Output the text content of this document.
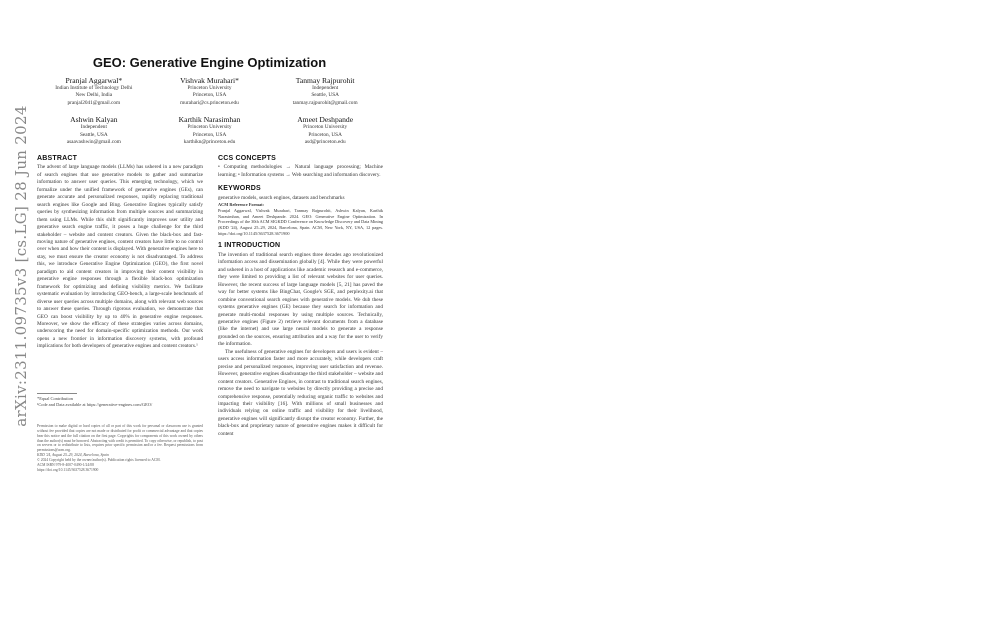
arXiv:2311.09735v3 [cs.LG] 28 Jun 2024
GEO: Generative Engine Optimization
Pranjal Aggarwal*
Indian Institute of Technology Delhi
New Delhi, India
pranjal2041@gmail.com
Vishvak Murahari*
Princeton University
Princeton, USA
murahari@cs.princeton.edu
Tanmay Rajpurohit
Independent
Seattle, USA
tanmay.rajpurohit@gmail.com
Ashwin Kalyan
Independent
Seattle, USA
asaavashwin@gmail.com
Karthik Narasimhan
Princeton University
Princeton, USA
karthikn@princeton.edu
Ameet Deshpande
Princeton University
Princeton, USA
asd@princeton.edu
ABSTRACT

The advent of large language models (LLMs) has ushered in a new paradigm of search engines that use generative models to gather and summarize information to answer user queries. This emerging technology, which we formalize under the unified framework of generative engines (GEs), can generate accurate and personalized responses, rapidly replacing traditional search engines like Google and Bing. Generative Engines typically satisfy queries by synthesizing information from multiple sources and summarizing them using LLMs. While this shift significantly improves user utility and generative search engine traffic, it poses a huge challenge for the third stakeholder – website and content creators. Given the black-box and fast-moving nature of generative engines, content creators have little to no control over when and how their content is displayed. With generative engines here to stay, we must ensure the creator economy is not disadvantaged. To address this, we introduce Generative Engine Optimization (GEO), the first novel paradigm to aid content creators in improving their content visibility in generative engine responses through a flexible black-box optimization framework for optimizing and defining visibility metrics. We facilitate systematic evaluation by introducing GEO-bench, a large-scale benchmark of diverse user queries across multiple domains, along with relevant web sources to answer these queries. Through rigorous evaluation, we demonstrate that GEO can boost visibility by up to 40% in generative engine responses. Moreover, we show the efficacy of these strategies varies across domains, underscoring the need for domain-specific optimization methods. Our work opens a new frontier in information discovery systems, with profound implications for both developers of generative engines and content creators.¹

*Equal Contribution
¹Code and Data available at https://generative-engines.com/GEO/

Permission to make digital or hard copies of all or part of this work for personal or classroom use is granted without fee provided that copies are not made or distributed for profit or commercial advantage and that copies bear this notice and the full citation on the first page. Copyrights for components of this work owned by others than the author(s) must be honored. Abstracting with credit is permitted. To copy otherwise, or republish, to post on servers or to redistribute to lists, requires prior specific permission and/or a fee. Request permissions from permissions@acm.org.

KDD '24, August 25–29, 2024, Barcelona, Spain

© 2024 Copyright held by the owner/author(s). Publication rights licensed to ACM.

ACM ISBN 979-8-4007-0490-1/24/08

https://doi.org/10.1145/3637528.3671900

CCS CONCEPTS

• Computing methodologies → Natural language processing; Machine learning; • Information systems → Web searching and information discovery.

KEYWORDS

generative models, search engines, datasets and benchmarks

ACM Reference Format:
Pranjal Aggarwal, Vishvak Murahari, Tanmay Rajpurohit, Ashwin Kalyan, Karthik Narasimhan, and Ameet Deshpande. 2024. GEO: Generative Engine Optimization. In Proceedings of the 30th ACM SIGKDD Conference on Knowledge Discovery and Data Mining (KDD '24), August 25–29, 2024, Barcelona, Spain. ACM, New York, NY, USA, 12 pages. https://doi.org/10.1145/3637528.3671900
1 INTRODUCTION

The invention of traditional search engines three decades ago revolutionized information access and dissemination globally [4]. While they were powerful and ushered in a host of applications like academic research and e-commerce, they were limited to providing a list of relevant websites for user queries. However, the recent success of large language models [5, 21] has paved the way for better systems like BingChat, Google's SGE, and perplexity.ai that combine conventional search engines with generative models. We dub these systems generative engines (GE) because they search for information and generate multi-modal responses by using multiple sources. Technically, generative engines (Figure 2) retrieve relevant documents from a database (like the internet) and use large neural models to generate a response grounded on the sources, ensuring attribution and a way for the user to verify the information.

The usefulness of generative engines for developers and users is evident – users access information faster and more accurately, while developers craft precise and personalized responses, improving user satisfaction and revenue. However, generative engines disadvantage the third stakeholder – website and content creators. Generative Engines, in contrast to traditional search engines, remove the need to navigate to websites by directly providing a precise and comprehensive response, potentially reducing organic traffic to websites and impacting their visibility [16]. With millions of small businesses and individuals relying on online traffic and visibility for their livelihood, generative engines will significantly disrupt the creator economy. Further, the black-box and proprietary nature of generative engines makes it difficult for content
